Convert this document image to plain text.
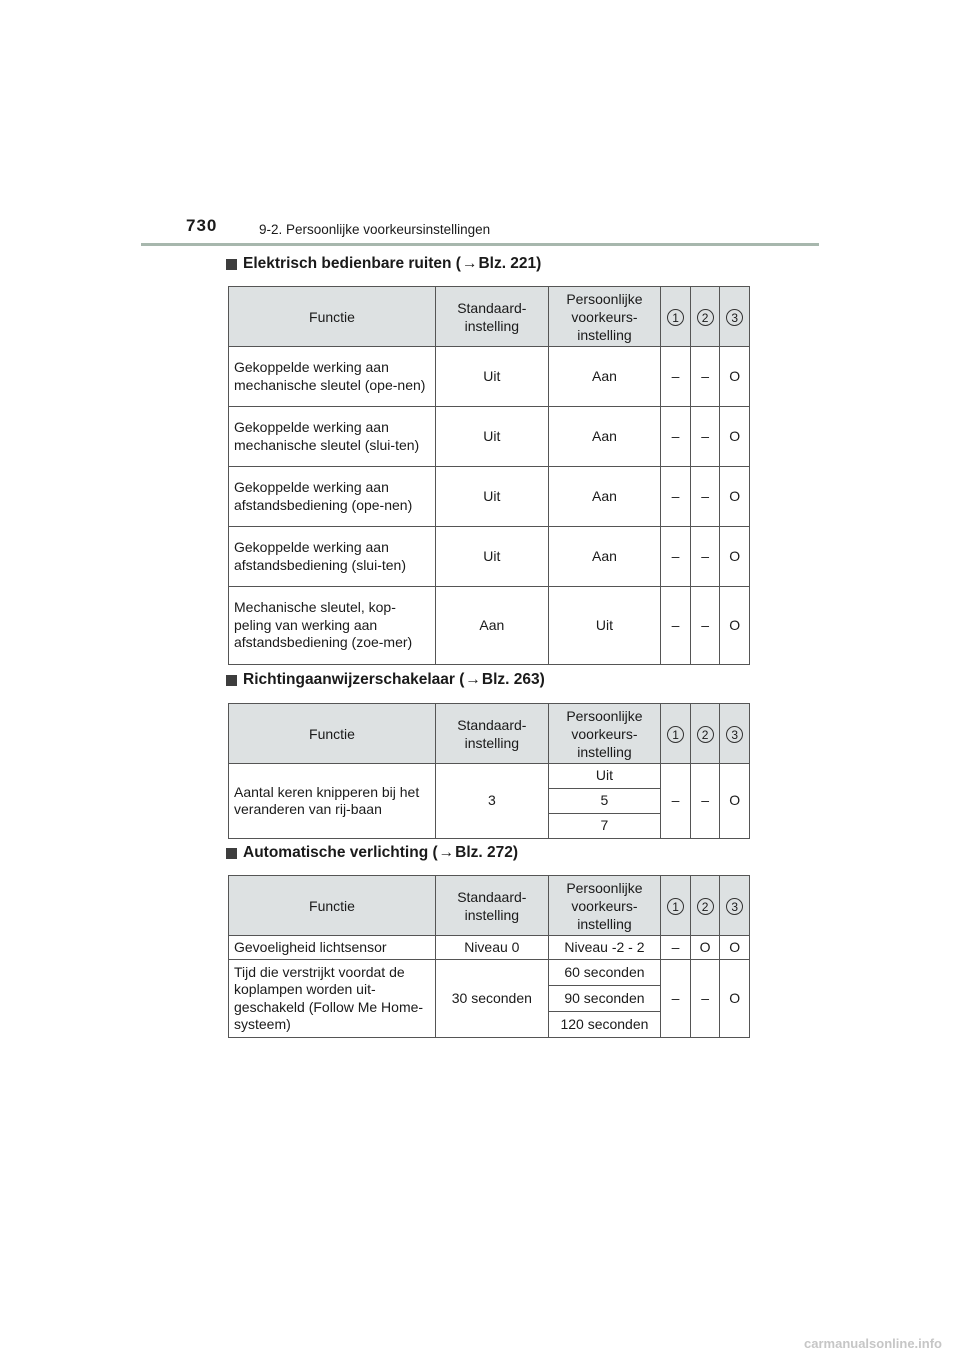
730	9-2. Persoonlijke voorkeursinstellingen
Elektrisch bedienbare ruiten ( → Blz. 221)
Functie	Standaard-instelling	Persoonlijke voorkeurs-instelling	1	2	3
Gekoppelde werking aan mechanische sleutel (ope-nen)	Uit	Aan	–	–	O
Gekoppelde werking aan mechanische sleutel (slui-ten)	Uit	Aan	–	–	O
Gekoppelde werking aan afstandsbediening (ope-nen)	Uit	Aan	–	–	O
Gekoppelde werking aan afstandsbediening (slui-ten)	Uit	Aan	–	–	O
Mechanische sleutel, kop-peling van werking aan afstandsbediening (zoe-mer)	Aan	Uit	–	–	O
Richtingaanwijzerschakelaar ( → Blz. 263)
Functie	Standaard-instelling	Persoonlijke voorkeurs-instelling	1	2	3
Aantal keren knipperen bij het veranderen van rij-baan	3	Uit	–	–	O
		5			
		7			
Automatische verlichting ( → Blz. 272)
Functie	Standaard-instelling	Persoonlijke voorkeurs-instelling	1	2	3
Gevoeligheid lichtsensor	Niveau 0	Niveau -2 - 2	–	O	O
Tijd die verstrijkt voordat de koplampen worden uit-geschakeld (Follow Me Home-systeem)	30 seconden	60 seconden	–	–	O
		90 seconden			
		120 seconden			
carmanualsonline.info
